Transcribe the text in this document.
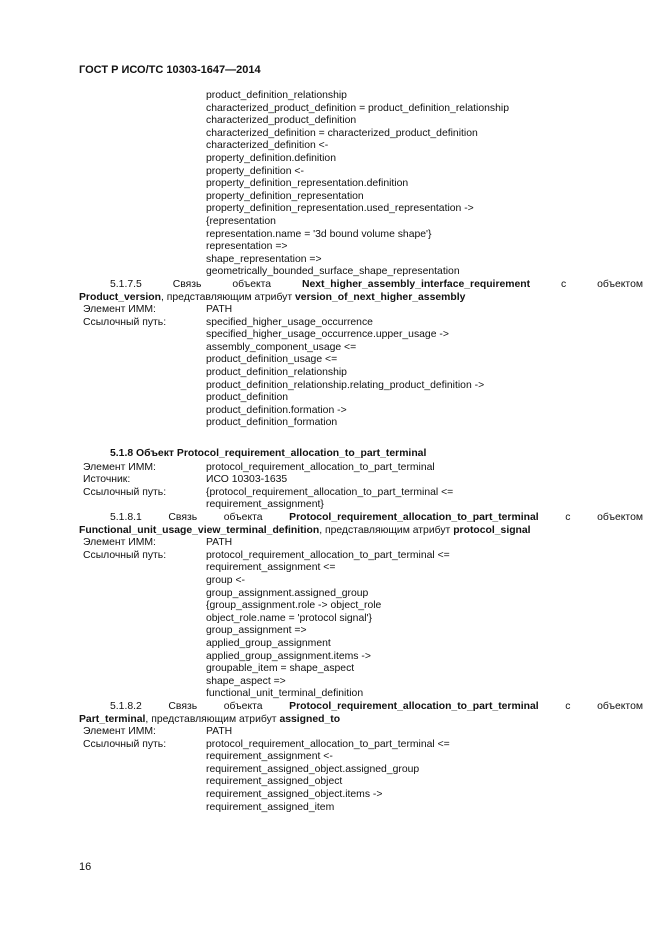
ГОСТ Р ИСО/ТС 10303-1647—2014
product_definition_relationship
characterized_product_definition = product_definition_relationship
characterized_product_definition
characterized_definition = characterized_product_definition
characterized_definition <-
property_definition.definition
property_definition <-
property_definition_representation.definition
property_definition_representation
property_definition_representation.used_representation ->
{representation
representation.name = '3d bound volume shape'}
representation =>
shape_representation =>
geometrically_bounded_surface_shape_representation
5.1.7.5	Связь	объекта	Next_higher_assembly_interface_requirement	с	объектом
Product_version, представляющим атрибут version_of_next_higher_assembly
Элемент ИММ:	PATH
Ссылочный путь:	specified_higher_usage_occurrence
specified_higher_usage_occurrence.upper_usage ->
assembly_component_usage <=
product_definition_usage <=
product_definition_relationship
product_definition_relationship.relating_product_definition ->
product_definition
product_definition.formation ->
product_definition_formation
5.1.8 Объект Protocol_requirement_allocation_to_part_terminal
Элемент ИММ:	protocol_requirement_allocation_to_part_terminal
Источник:	ИСО 10303-1635
Ссылочный путь:	{protocol_requirement_allocation_to_part_terminal <=
requirement_assignment}
5.1.8.1	Связь	объекта	Protocol_requirement_allocation_to_part_terminal	с	объектом
Functional_unit_usage_view_terminal_definition, представляющим атрибут protocol_signal
Элемент ИММ:	PATH
Ссылочный путь:	protocol_requirement_allocation_to_part_terminal <=
requirement_assignment <=
group <-
group_assignment.assigned_group
{group_assignment.role -> object_role
object_role.name = 'protocol signal'}
group_assignment =>
applied_group_assignment
applied_group_assignment.items ->
groupable_item = shape_aspect
shape_aspect =>
functional_unit_terminal_definition
5.1.8.2	Связь	объекта	Protocol_requirement_allocation_to_part_terminal	с	объектом
Part_terminal, представляющим атрибут assigned_to
Элемент ИММ:	PATH
Ссылочный путь:	protocol_requirement_allocation_to_part_terminal <=
requirement_assignment <-
requirement_assigned_object.assigned_group
requirement_assigned_object
requirement_assigned_object.items ->
requirement_assigned_item
16
